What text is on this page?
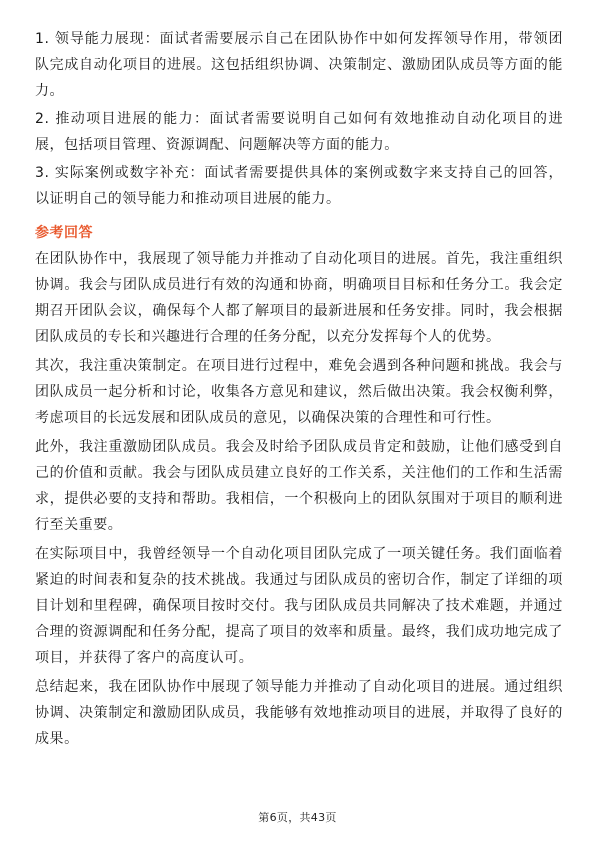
1. 领导能力展现：面试者需要展示自己在团队协作中如何发挥领导作用，带领团队完成自动化项目的进展。这包括组织协调、决策制定、激励团队成员等方面的能力。

2. 推动项目进展的能力：面试者需要说明自己如何有效地推动自动化项目的进展，包括项目管理、资源调配、问题解决等方面的能力。

3. 实际案例或数字补充：面试者需要提供具体的案例或数字来支持自己的回答，以证明自己的领导能力和推动项目进展的能力。

参考回答

在团队协作中，我展现了领导能力并推动了自动化项目的进展。首先，我注重组织协调。我会与团队成员进行有效的沟通和协商，明确项目目标和任务分工。我会定期召开团队会议，确保每个人都了解项目的最新进展和任务安排。同时，我会根据团队成员的专长和兴趣进行合理的任务分配，以充分发挥每个人的优势。

其次，我注重决策制定。在项目进行过程中，难免会遇到各种问题和挑战。我会与团队成员一起分析和讨论，收集各方意见和建议，然后做出决策。我会权衡利弊，考虑项目的长远发展和团队成员的意见，以确保决策的合理性和可行性。

此外，我注重激励团队成员。我会及时给予团队成员肯定和鼓励，让他们感受到自己的价值和贡献。我会与团队成员建立良好的工作关系，关注他们的工作和生活需求，提供必要的支持和帮助。我相信，一个积极向上的团队氛围对于项目的顺利进行至关重要。

在实际项目中，我曾经领导一个自动化项目团队完成了一项关键任务。我们面临着紧迫的时间表和复杂的技术挑战。我通过与团队成员的密切合作，制定了详细的项目计划和里程碑，确保项目按时交付。我与团队成员共同解决了技术难题，并通过合理的资源调配和任务分配，提高了项目的效率和质量。最终，我们成功地完成了项目，并获得了客户的高度认可。

总结起来，我在团队协作中展现了领导能力并推动了自动化项目的进展。通过组织协调、决策制定和激励团队成员，我能够有效地推动项目的进展，并取得了良好的成果。

第6页，共43页
